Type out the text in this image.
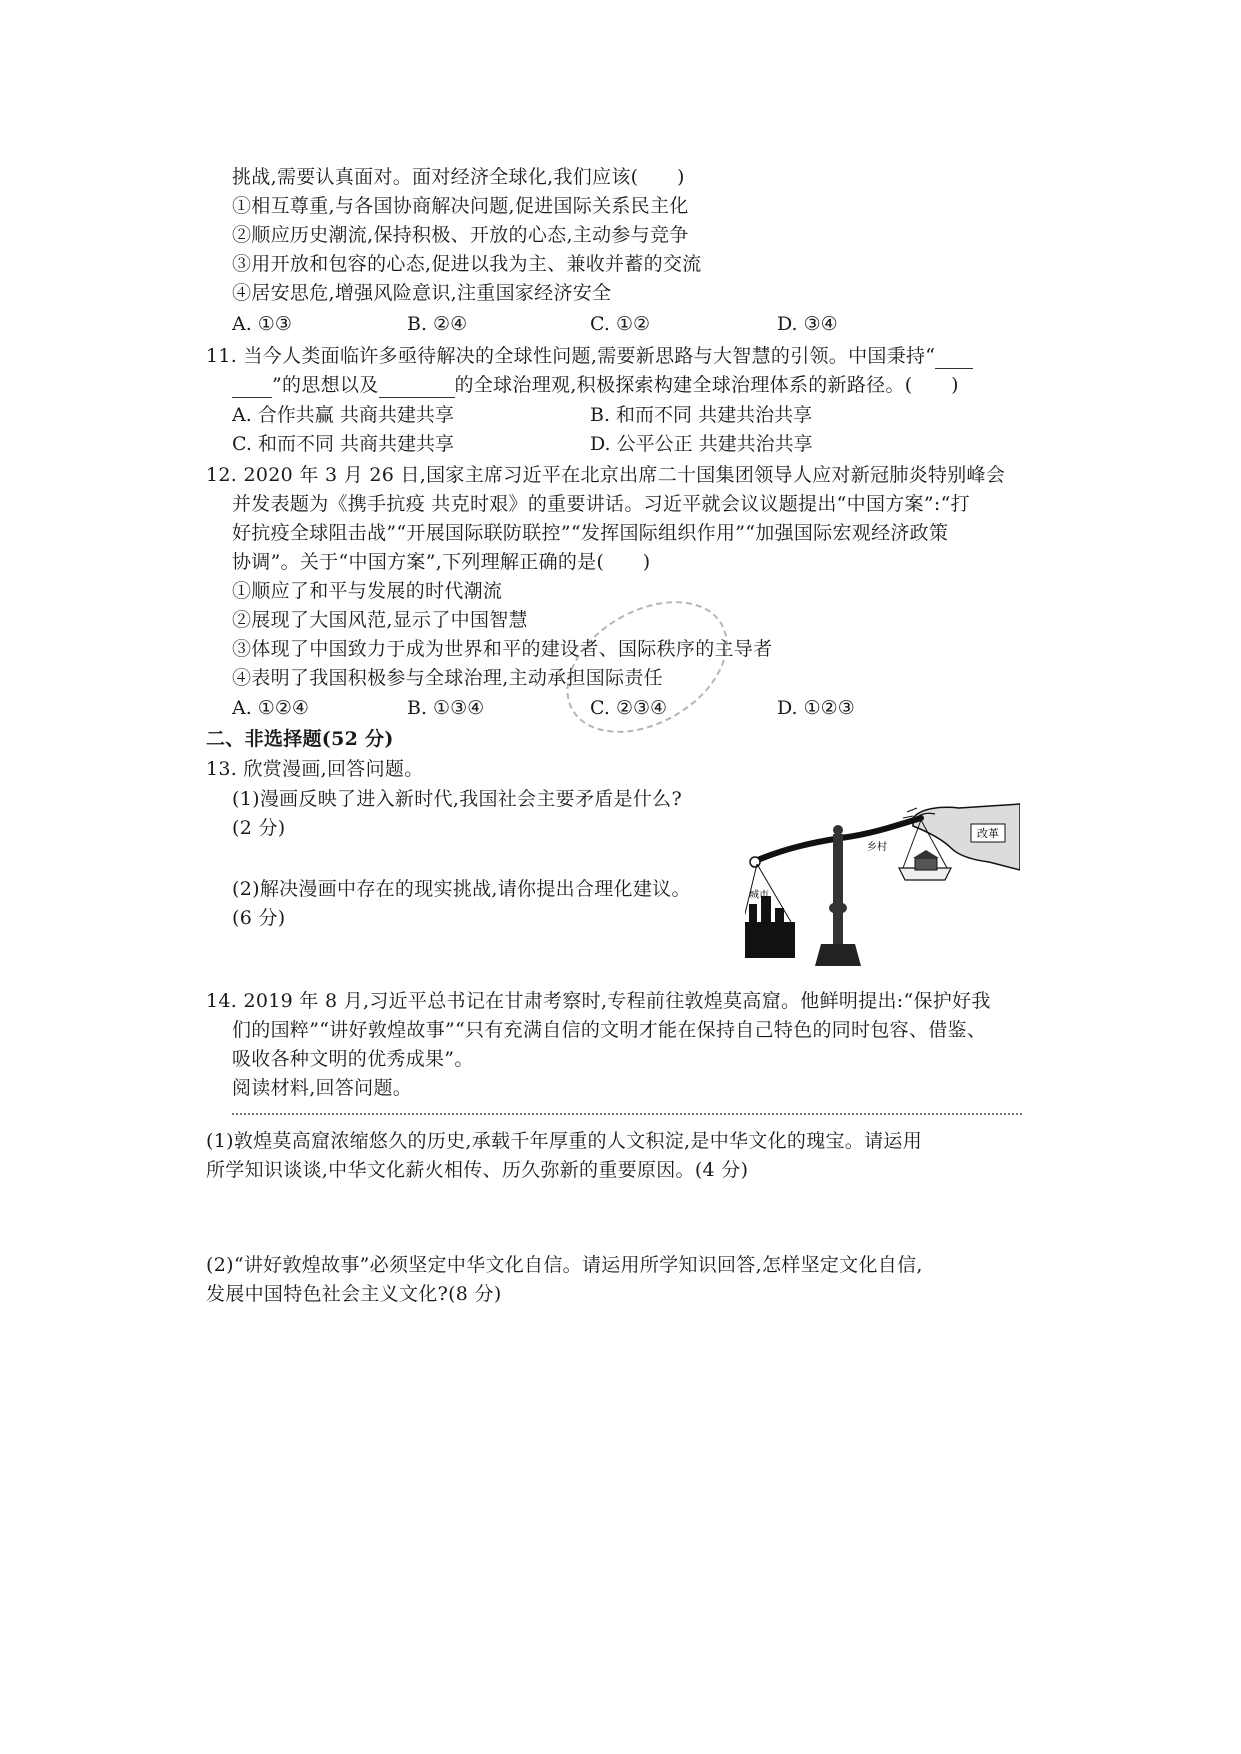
挑战,需要认真面对。面对经济全球化,我们应该(　　)
①相互尊重,与各国协商解决问题,促进国际关系民主化
②顺应历史潮流,保持积极、开放的心态,主动参与竞争
③用开放和包容的心态,促进以我为主、兼收并蓄的交流
④居安思危,增强风险意识,注重国家经济安全
A. ①③	B. ②④	C. ①②	D. ③④
11. 当今人类面临许多亟待解决的全球性问题,需要新思路与大智慧的引领。中国秉持“
”的思想以及	的全球治理观,积极探索构建全球治理体系的新路径。(　　)
A. 合作共赢 共商共建共享	B. 和而不同 共建共治共享
C. 和而不同 共商共建共享	D. 公平公正 共建共治共享
12. 2020 年 3 月 26 日,国家主席习近平在北京出席二十国集团领导人应对新冠肺炎特别峰会
并发表题为《携手抗疫 共克时艰》的重要讲话。习近平就会议议题提出“中国方案”:“打
好抗疫全球阻击战”“开展国际联防联控”“发挥国际组织作用”“加强国际宏观经济政策
协调”。关于“中国方案”,下列理解正确的是(　　)
①顺应了和平与发展的时代潮流
②展现了大国风范,显示了中国智慧
③体现了中国致力于成为世界和平的建设者、国际秩序的主导者
④表明了我国积极参与全球治理,主动承担国际责任
A. ①②④	B. ①③④	C. ②③④	D. ①②③
二、非选择题(52 分)
13. 欣赏漫画,回答问题。
(1)漫画反映了进入新时代,我国社会主要矛盾是什么?
(2 分)
(2)解决漫画中存在的现实挑战,请你提出合理化建议。
(6 分)
改革
城市
乡村
14. 2019 年 8 月,习近平总书记在甘肃考察时,专程前往敦煌莫高窟。他鲜明提出:“保护好我
们的国粹”“讲好敦煌故事”“只有充满自信的文明才能在保持自己特色的同时包容、借鉴、
吸收各种文明的优秀成果”。
阅读材料,回答问题。
(1)敦煌莫高窟浓缩悠久的历史,承载千年厚重的人文积淀,是中华文化的瑰宝。请运用
所学知识谈谈,中华文化薪火相传、历久弥新的重要原因。(4 分)
(2)“讲好敦煌故事”必须坚定中华文化自信。请运用所学知识回答,怎样坚定文化自信,
发展中国特色社会主义文化?(8 分)
